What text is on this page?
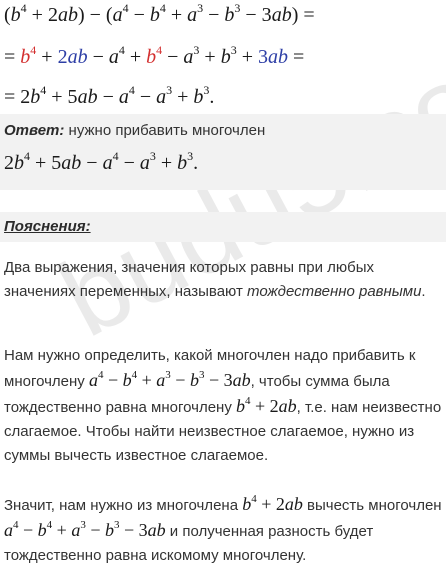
$(b^4 + 2ab) - (a^4 - b^4 + a^3 - b^3 - 3ab)$ =
= $b^4 + 2ab - a^4 + b^4 - a^3 + b^3 + 3ab$ =
= $2b^4 + 5ab - a^4 - a^3 + b^3$.
Ответ: нужно прибавить многочлен
$2b^4 + 5ab - a^4 - a^3 + b^3$.
Пояснения:
Два выражения, значения которых равны при любых значениях переменных, называют тождественно равными.
Нам нужно определить, какой многочлен надо прибавить к многочлену $a^4 - b^4 + a^3 - b^3 - 3ab$, чтобы сумма была тождественно равна многочлену $b^4 + 2ab$, т.е. нам неизвестно слагаемое. Чтобы найти неизвестное слагаемое, нужно из суммы вычесть известное слагаемое.
Значит, нам нужно из многочлена $b^4 + 2ab$ вычесть многочлен $a^4 - b^4 + a^3 - b^3 - 3ab$ и полученная разность будет тождественно равна искомому многочлену.
